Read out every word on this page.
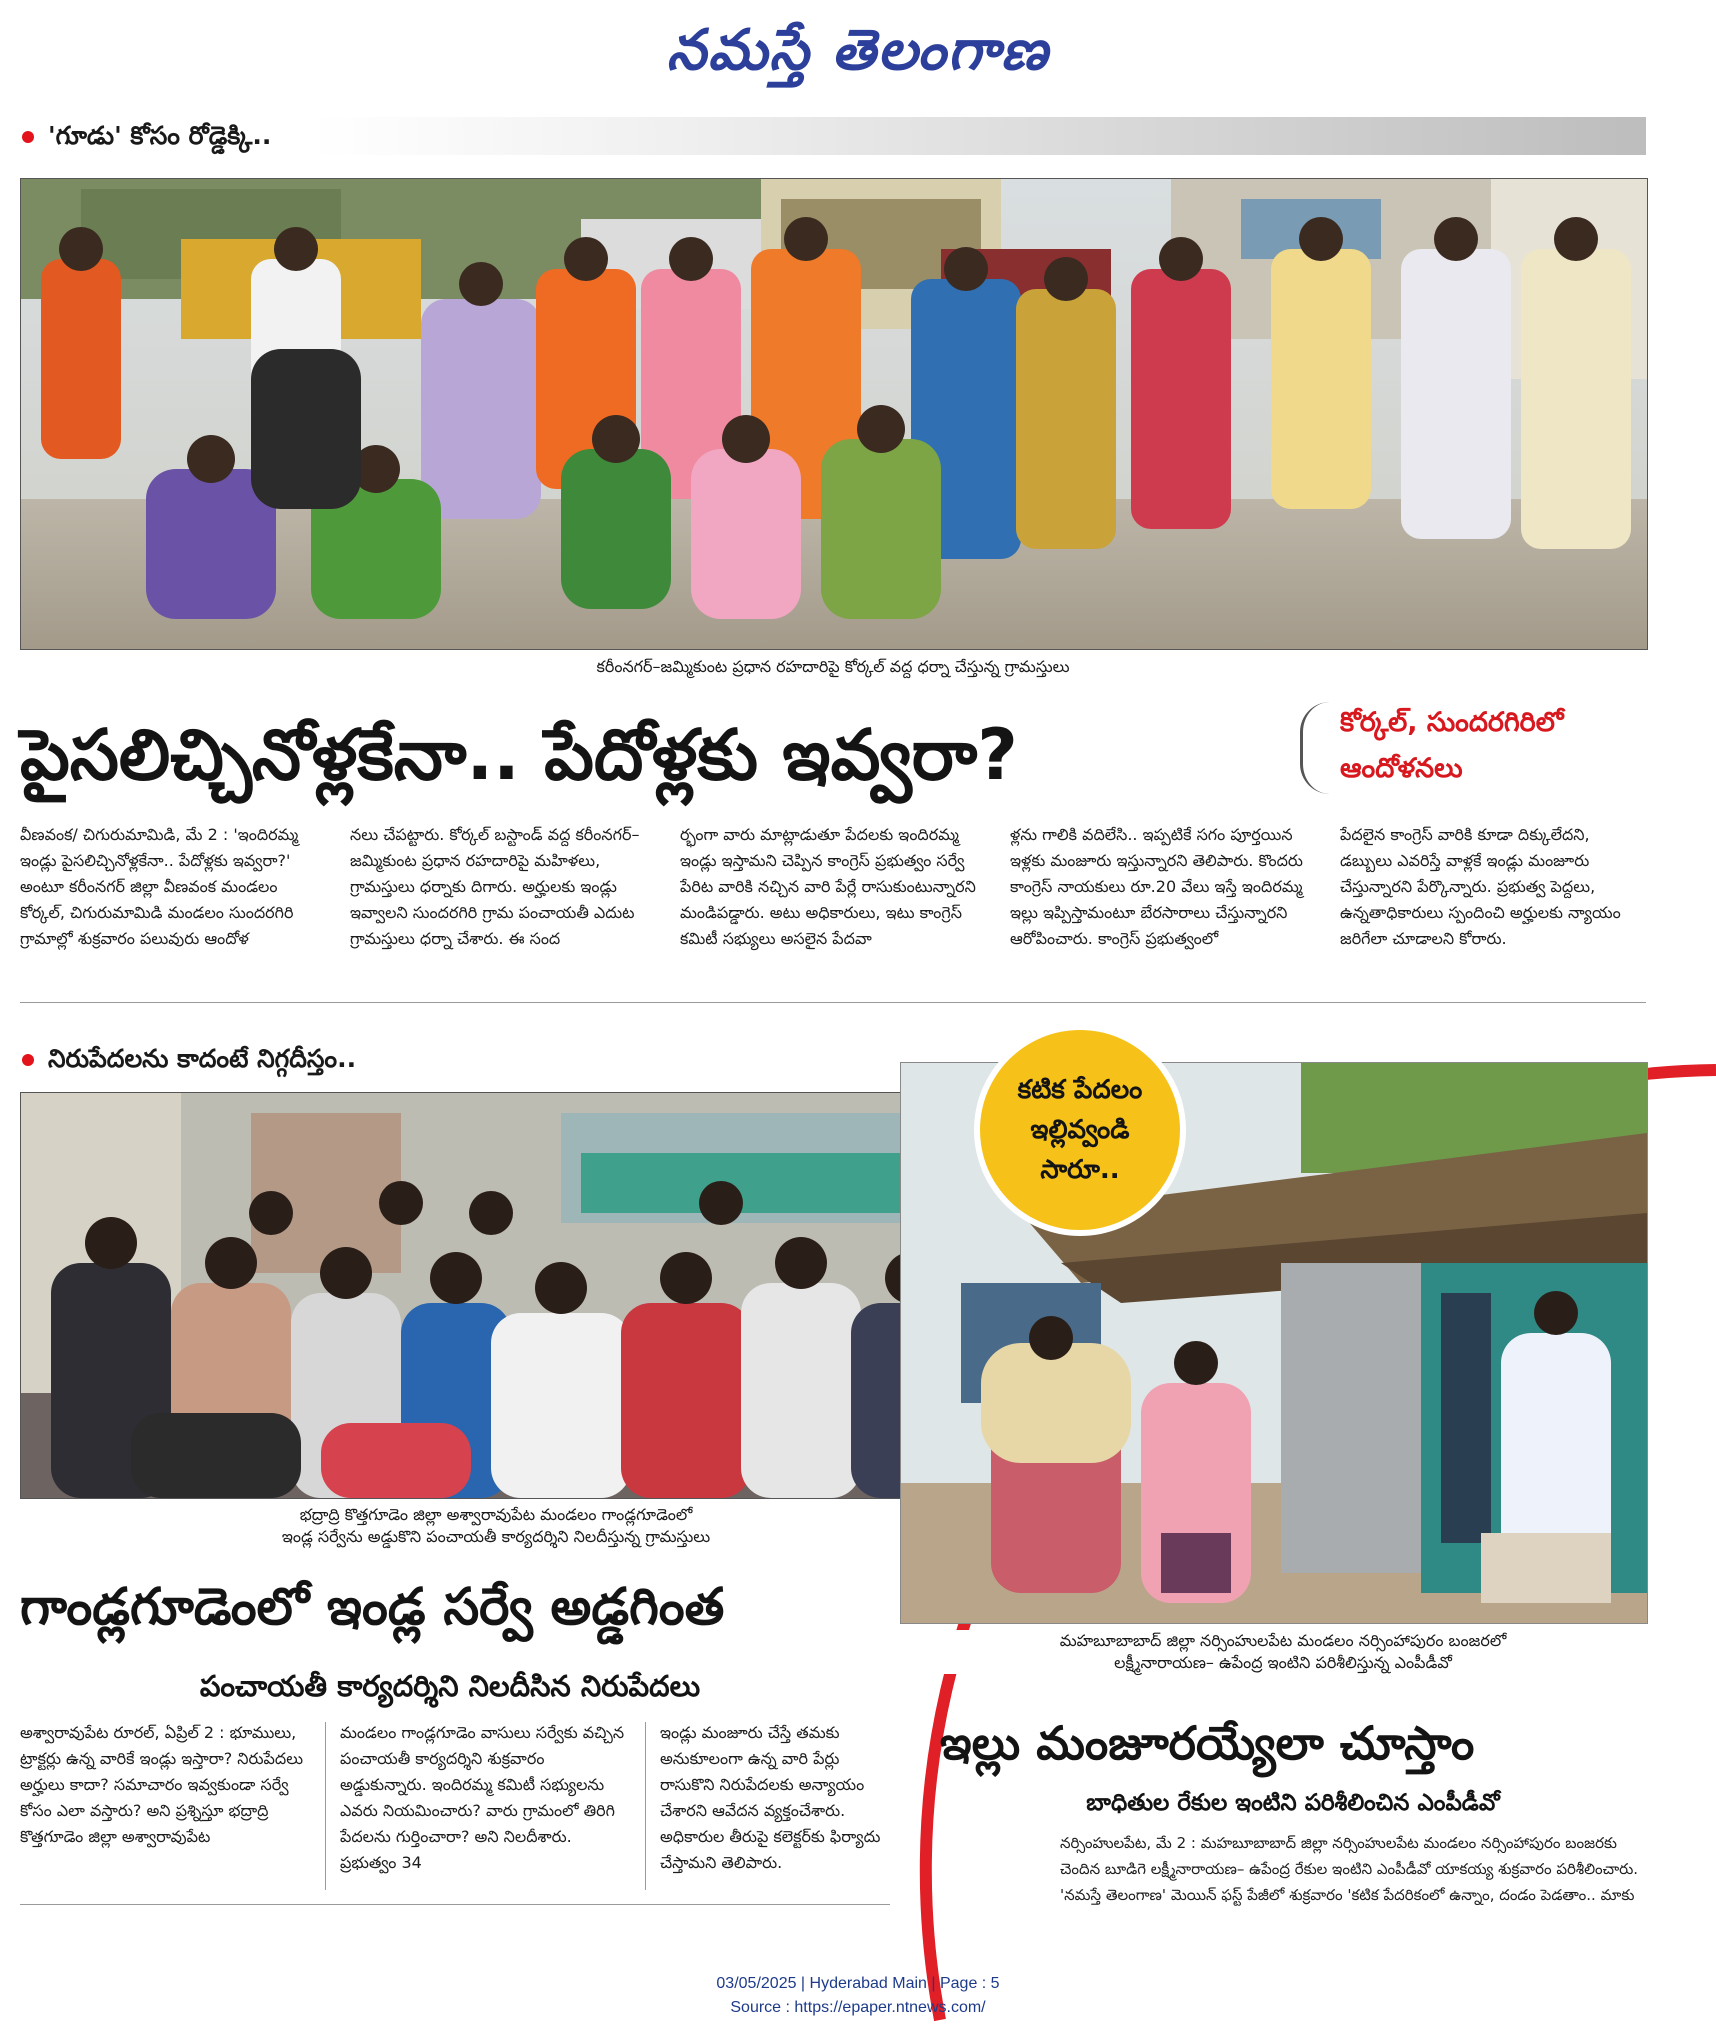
నమస్తే తెలంగాణ
'గూడు' కోసం రోడ్డెక్కి..
కరీంనగర్‌–జమ్మికుంట ప్రధాన రహదారిపై కోర్కల్‌ వద్ద ధర్నా చేస్తున్న గ్రామస్తులు
పైసలిచ్చినోళ్లకేనా.. పేదోళ్లకు ఇవ్వరా?	కోర్కల్‌, సుందరగిరిలో
ఆందోళనలు
వీణవంక/ చిగురుమామిడి, మే 2 : 'ఇందిరమ్మ ఇండ్లు పైసలిచ్చినోళ్లకేనా.. పేదోళ్లకు ఇవ్వరా?' అంటూ కరీంనగర్‌ జిల్లా వీణవంక మండలం కోర్కల్‌, చిగురుమామిడి మండలం సుందరగిరి గ్రామాల్లో శుక్రవారం పలువురు ఆందోళ
నలు చేపట్టారు. కోర్కల్‌ బస్టాండ్‌ వద్ద కరీంనగర్‌–జమ్మికుంట ప్రధాన రహదారిపై మహిళలు, గ్రామస్తులు ధర్నాకు దిగారు. అర్హులకు ఇండ్లు ఇవ్వాలని సుందరగిరి గ్రామ పంచాయతీ ఎదుట గ్రామస్తులు ధర్నా చేశారు. ఈ సంద
ర్భంగా వారు మాట్లాడుతూ పేదలకు ఇందిరమ్మ ఇండ్లు ఇస్తామని చెప్పిన కాంగ్రెస్‌ ప్రభుత్వం సర్వే పేరిట వారికి నచ్చిన వారి పేర్లే రాసుకుంటున్నారని మండిపడ్డారు. అటు అధికారులు, ఇటు కాంగ్రెస్‌ కమిటీ సభ్యులు అసలైన పేదవా
ళ్లను గాలికి వదిలేసి.. ఇప్పటికే సగం పూర్తయిన ఇళ్లకు మంజూరు ఇస్తున్నారని తెలిపారు. కొందరు కాంగ్రెస్‌ నాయకులు రూ.20 వేలు ఇస్తే ఇందిరమ్మ ఇల్లు ఇప్పిస్తామంటూ బేరసారాలు చేస్తున్నారని ఆరోపించారు. కాంగ్రెస్‌ ప్రభుత్వంలో
పేదలైన కాంగ్రెస్‌ వారికి కూడా దిక్కులేదని, డబ్బులు ఎవరిస్తే వాళ్లకే ఇండ్లు మంజూరు చేస్తున్నారని పేర్కొన్నారు. ప్రభుత్వ పెద్దలు, ఉన్నతాధికారులు స్పందించి అర్హులకు న్యాయం జరిగేలా చూడాలని కోరారు.
నిరుపేదలను కాదంటే నిగ్గదీస్తం..
భద్రాద్రి కొత్తగూడెం జిల్లా అశ్వారావుపేట మండలం గాండ్లగూడెంలో
ఇండ్ల సర్వేను అడ్డుకొని పంచాయతీ కార్యదర్శిని నిలదీస్తున్న గ్రామస్తులు
గాండ్లగూడెంలో ఇండ్ల సర్వే అడ్డగింత
పంచాయతీ కార్యదర్శిని నిలదీసిన నిరుపేదలు
అశ్వారావుపేట రూరల్‌, ఏప్రిల్‌ 2 : భూములు, ట్రాక్టర్లు ఉన్న వారికే ఇండ్లు ఇస్తారా? నిరుపేదలు అర్హులు కాదా? సమాచారం ఇవ్వకుండా సర్వే కోసం ఎలా వస్తారు? అని ప్రశ్నిస్తూ భద్రాద్రి కొత్తగూడెం జిల్లా అశ్వారావుపేట
మండలం గాండ్లగూడెం వాసులు సర్వేకు వచ్చిన పంచాయతీ కార్యదర్శిని శుక్రవారం అడ్డుకున్నారు. ఇందిరమ్మ కమిటీ సభ్యులను ఎవరు నియమించారు? వారు గ్రామంలో తిరిగి పేదలను గుర్తించారా? అని నిలదీశారు. ప్రభుత్వం 34
ఇండ్లు మంజూరు చేస్తే తమకు అనుకూలంగా ఉన్న వారి పేర్లు రాసుకొని నిరుపేదలకు అన్యాయం చేశారని ఆవేదన వ్యక్తంచేశారు. అధికారుల తీరుపై కలెక్టర్‌కు ఫిర్యాదు చేస్తామని తెలిపారు.
కటిక పేదలం
ఇల్లివ్వండి
సారూ..
మహబూబాబాద్‌ జిల్లా నర్సింహులపేట మండలం నర్సింహాపురం బంజరలో
లక్ష్మీనారాయణ– ఉపేంద్ర ఇంటిని పరిశీలిస్తున్న ఎంపీడీవో
ఇల్లు మంజూరయ్యేలా చూస్తాం
బాధితుల రేకుల ఇంటిని పరిశీలించిన ఎంపీడీవో
నర్సింహులపేట, మే 2 : మహబూబాబాద్‌ జిల్లా నర్సింహులపేట మండలం నర్సింహాపురం బంజరకు చెందిన బూడిగె లక్ష్మీనారాయణ– ఉపేంద్ర రేకుల ఇంటిని ఎంపీడీవో యాకయ్య శుక్రవారం పరిశీలించారు. 'నమస్తే తెలంగాణ' మెయిన్‌ ఫస్ట్‌ పేజీలో శుక్రవారం 'కటిక పేదరికంలో ఉన్నాం, దండం పెడతాం.. మాకు
03/05/2025 | Hyderabad Main | Page : 5
Source : https://epaper.ntnews.com/
